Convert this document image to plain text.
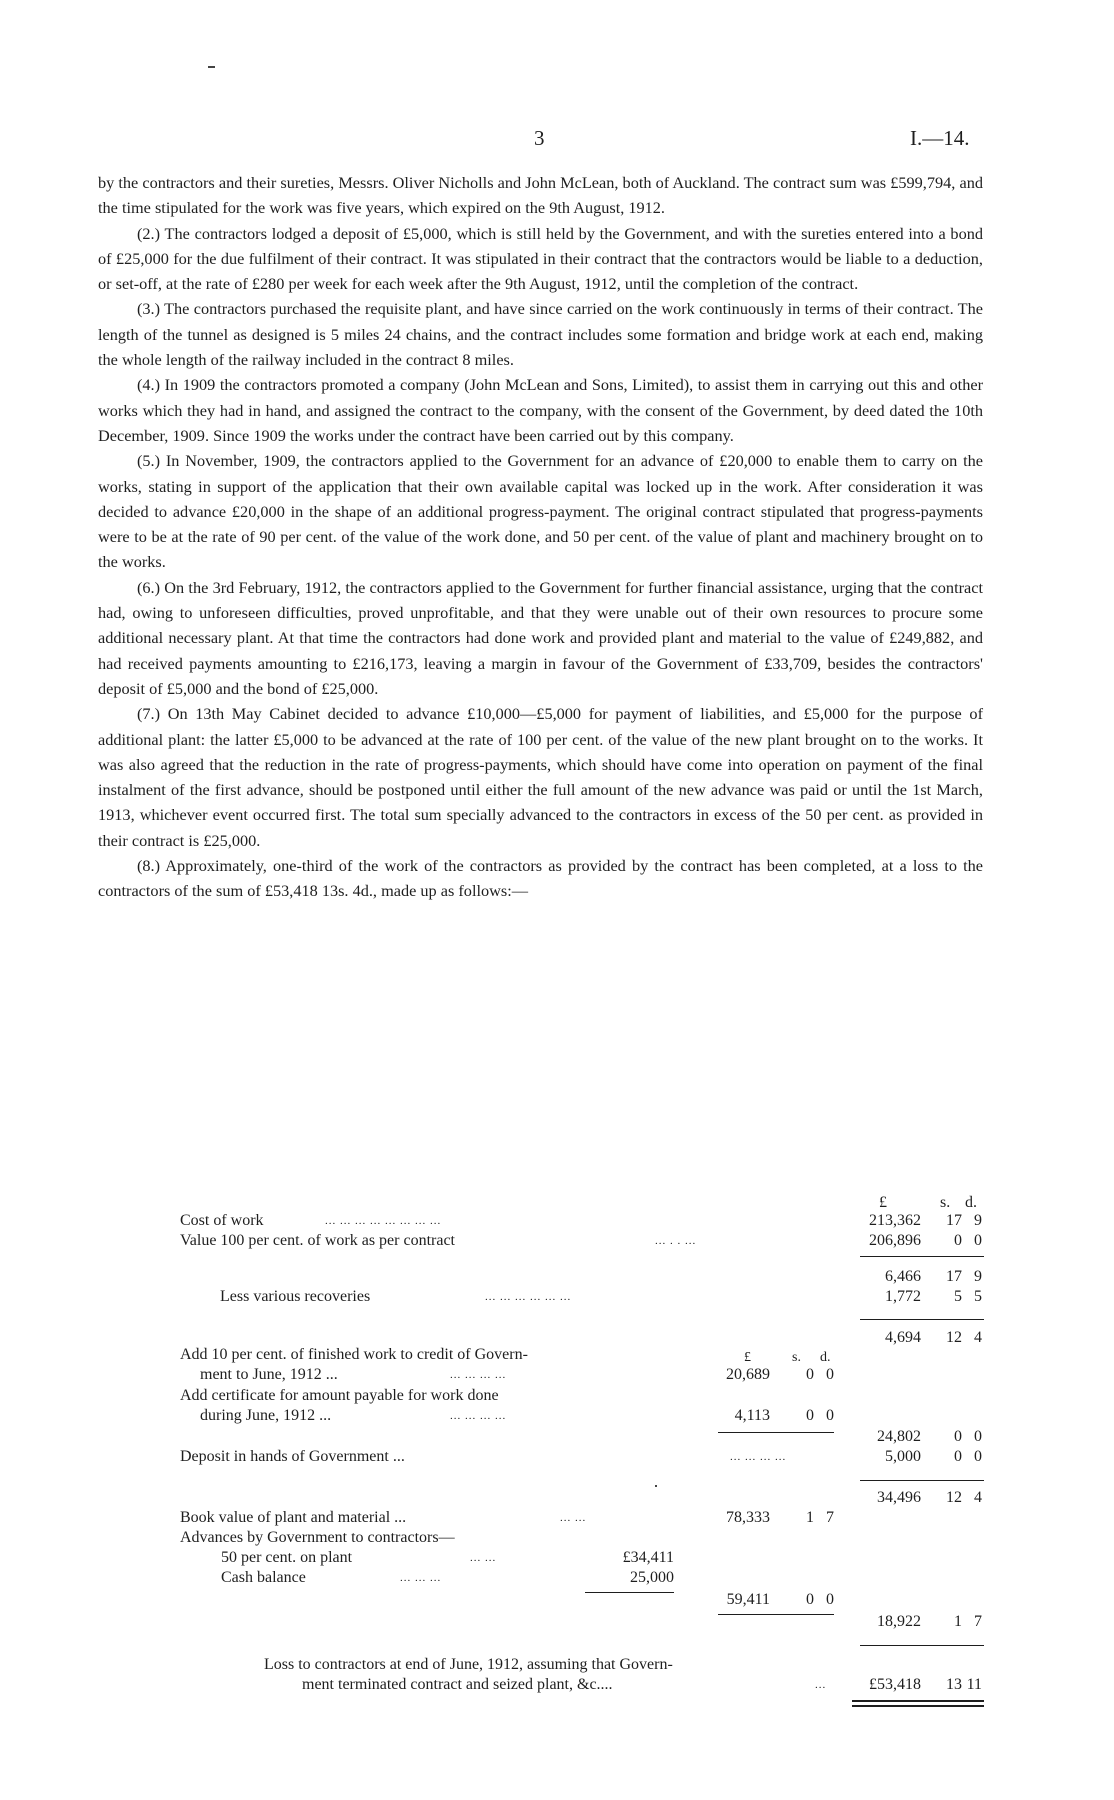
3	I.—14.

by the contractors and their sureties, Messrs. Oliver Nicholls and John McLean, both of Auckland. The contract sum was £599,794, and the time stipulated for the work was five years, which expired on the 9th August, 1912.

(2.) The contractors lodged a deposit of £5,000, which is still held by the Government, and with the sureties entered into a bond of £25,000 for the due fulfilment of their contract. It was stipulated in their contract that the contractors would be liable to a deduction, or set-off, at the rate of £280 per week for each week after the 9th August, 1912, until the completion of the contract.

(3.) The contractors purchased the requisite plant, and have since carried on the work continuously in terms of their contract. The length of the tunnel as designed is 5 miles 24 chains, and the contract includes some formation and bridge work at each end, making the whole length of the railway included in the contract 8 miles.

(4.) In 1909 the contractors promoted a company (John McLean and Sons, Limited), to assist them in carrying out this and other works which they had in hand, and assigned the contract to the company, with the consent of the Government, by deed dated the 10th December, 1909. Since 1909 the works under the contract have been carried out by this company.

(5.) In November, 1909, the contractors applied to the Government for an advance of £20,000 to enable them to carry on the works, stating in support of the application that their own available capital was locked up in the work. After consideration it was decided to advance £20,000 in the shape of an additional progress-payment. The original contract stipulated that progress-payments were to be at the rate of 90 per cent. of the value of the work done, and 50 per cent. of the value of plant and machinery brought on to the works.

(6.) On the 3rd February, 1912, the contractors applied to the Government for further financial assistance, urging that the contract had, owing to unforeseen difficulties, proved unprofitable, and that they were unable out of their own resources to procure some additional necessary plant. At that time the contractors had done work and provided plant and material to the value of £249,882, and had received payments amounting to £216,173, leaving a margin in favour of the Government of £33,709, besides the contractors' deposit of £5,000 and the bond of £25,000.

(7.) On 13th May Cabinet decided to advance £10,000—£5,000 for payment of liabilities, and £5,000 for the purpose of additional plant: the latter £5,000 to be advanced at the rate of 100 per cent. of the value of the new plant brought on to the works. It was also agreed that the reduction in the rate of progress-payments, which should have come into operation on payment of the final instalment of the first advance, should be postponed until either the full amount of the new advance was paid or until the 1st March, 1913, whichever event occurred first. The total sum specially advanced to the contractors in excess of the 50 per cent. as provided in their contract is £25,000.

(8.) Approximately, one-third of the work of the contractors as provided by the contract has been completed, at a loss to the contractors of the sum of £53,418 13s. 4d., made up as follows:—

£	s. d.
Cost of work	... ... ... ... ... ... ... ...	213,362 17 9
Value 100 per cent. of work as per contract	... . . ...	206,896 0 0
6,466 17 9
Less various recoveries	... ... ... ... ... ...	1,772 5 5
4,694 12 4
£	s. d.
Add 10 per cent. of finished work to credit of Govern-
ment to June, 1912 ...	... ... ... ...	20,689 0 0
Add certificate for amount payable for work done
during June, 1912 ...	... ... ... ...	4,113 0 0
24,802 0 0
Deposit in hands of Government ...	... ... ... ...	5,000 0 0
34,496 12 4
Book value of plant and material ...	... ...	78,333 1 7
Advances by Government to contractors—
50 per cent. on plant	... ...	£34,411
Cash balance	... ... ...	25,000
59,411 0 0
18,922 1 7
Loss to contractors at end of June, 1912, assuming that Govern-
ment terminated contract and seized plant, &c....	...	£53,418 13 11
